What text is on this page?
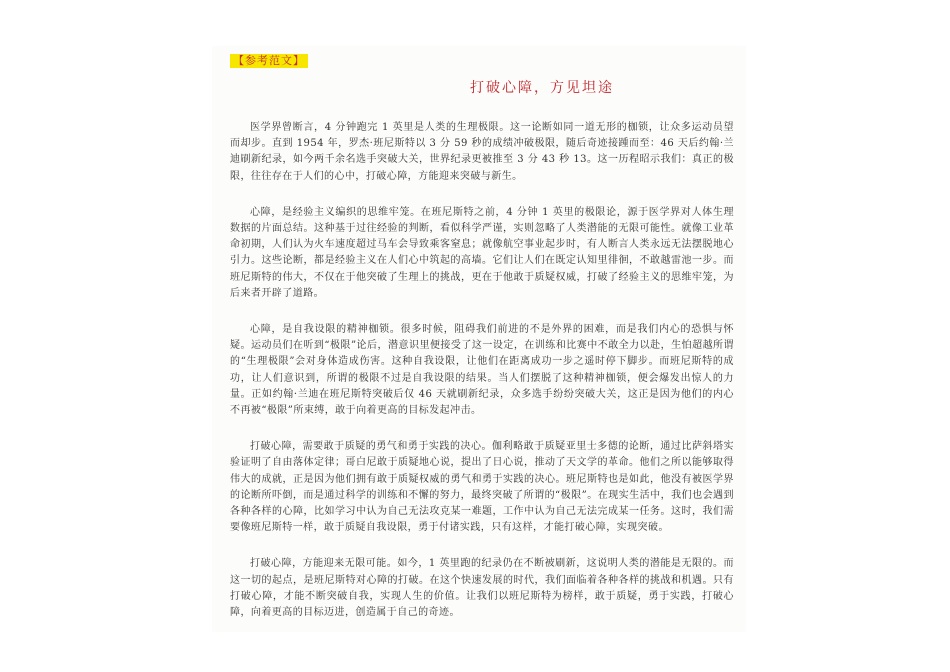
【参考范文】
打破心障，方见坦途

医学界曾断言，4 分钟跑完 1 英里是人类的生理极限。这一论断如同一道无形的枷锁，让众多运动员望而却步。直到 1954 年，罗杰·班尼斯特以 3 分 59 秒的成绩冲破极限，随后奇迹接踵而至：46 天后约翰·兰迪刷新纪录，如今两千余名选手突破大关，世界纪录更被推至 3 分 43 秒 13。这一历程昭示我们：真正的极限，往往存在于人们的心中，打破心障，方能迎来突破与新生。

心障，是经验主义编织的思维牢笼。在班尼斯特之前，4 分钟 1 英里的极限论，源于医学界对人体生理数据的片面总结。这种基于过往经验的判断，看似科学严谨，实则忽略了人类潜能的无限可能性。就像工业革命初期，人们认为火车速度超过马车会导致乘客窒息；就像航空事业起步时，有人断言人类永远无法摆脱地心引力。这些论断，都是经验主义在人们心中筑起的高墙。它们让人们在既定认知里徘徊，不敢越雷池一步。而班尼斯特的伟大，不仅在于他突破了生理上的挑战，更在于他敢于质疑权威，打破了经验主义的思维牢笼，为后来者开辟了道路。

心障，是自我设限的精神枷锁。很多时候，阻碍我们前进的不是外界的困难，而是我们内心的恐惧与怀疑。运动员们在听到“极限”论后，潜意识里便接受了这一设定，在训练和比赛中不敢全力以赴，生怕超越所谓的“生理极限”会对身体造成伤害。这种自我设限，让他们在距离成功一步之遥时停下脚步。而班尼斯特的成功，让人们意识到，所谓的极限不过是自我设限的结果。当人们摆脱了这种精神枷锁，便会爆发出惊人的力量。正如约翰·兰迪在班尼斯特突破后仅 46 天就刷新纪录，众多选手纷纷突破大关，这正是因为他们的内心不再被“极限”所束缚，敢于向着更高的目标发起冲击。

打破心障，需要敢于质疑的勇气和勇于实践的决心。伽利略敢于质疑亚里士多德的论断，通过比萨斜塔实验证明了自由落体定律；哥白尼敢于质疑地心说，提出了日心说，推动了天文学的革命。他们之所以能够取得伟大的成就，正是因为他们拥有敢于质疑权威的勇气和勇于实践的决心。班尼斯特也是如此，他没有被医学界的论断所吓倒，而是通过科学的训练和不懈的努力，最终突破了所谓的“极限”。在现实生活中，我们也会遇到各种各样的心障，比如学习中认为自己无法攻克某一难题，工作中认为自己无法完成某一任务。这时，我们需要像班尼斯特一样，敢于质疑自我设限，勇于付诸实践，只有这样，才能打破心障，实现突破。

打破心障，方能迎来无限可能。如今，1 英里跑的纪录仍在不断被刷新，这说明人类的潜能是无限的。而这一切的起点，是班尼斯特对心障的打破。在这个快速发展的时代，我们面临着各种各样的挑战和机遇。只有打破心障，才能不断突破自我，实现人生的价值。让我们以班尼斯特为榜样，敢于质疑，勇于实践，打破心障，向着更高的目标迈进，创造属于自己的奇迹。
